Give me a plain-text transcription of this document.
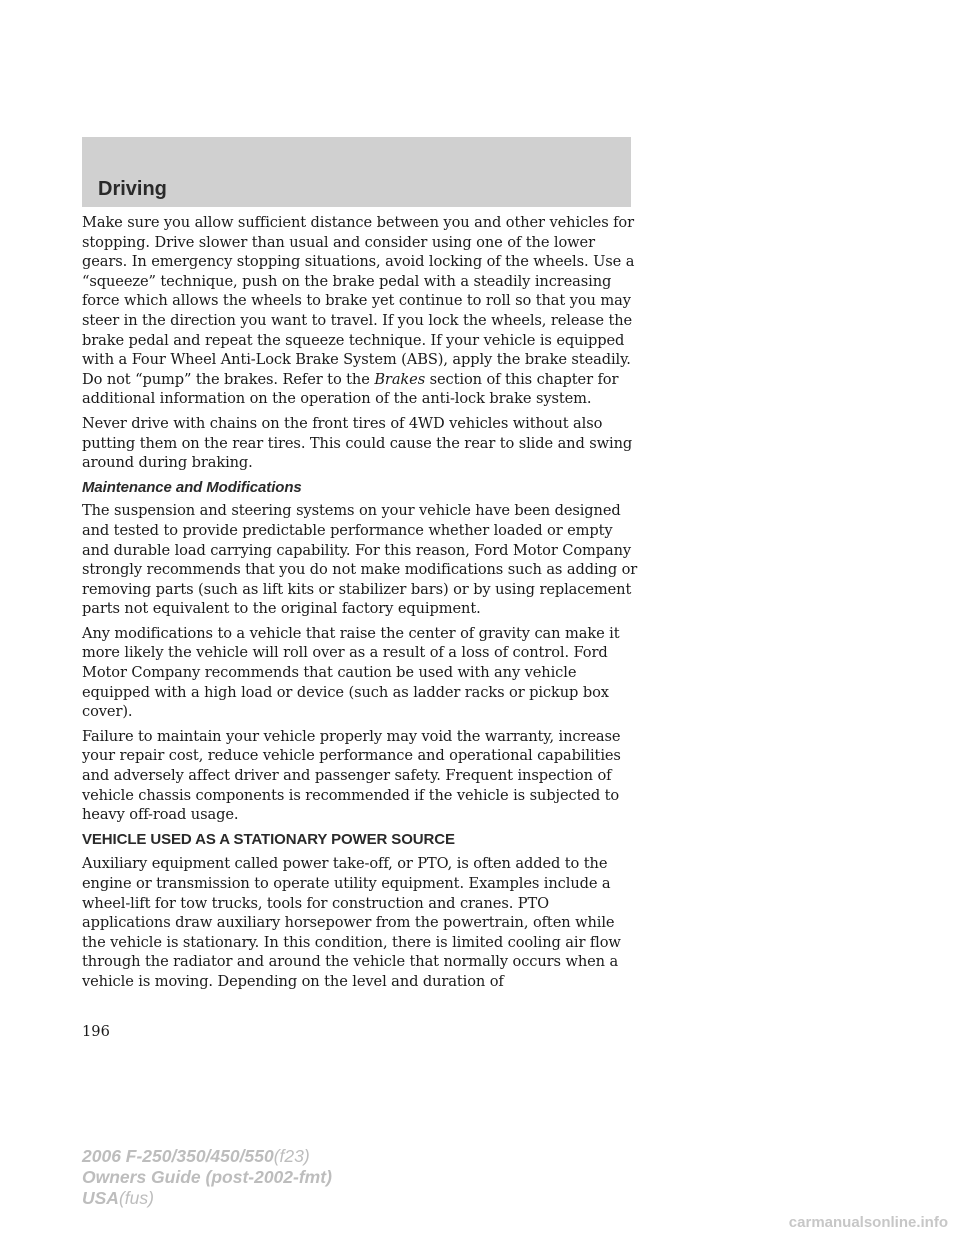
Driving

Make sure you allow sufficient distance between you and other vehicles for stopping. Drive slower than usual and consider using one of the lower gears. In emergency stopping situations, avoid locking of the wheels. Use a “squeeze” technique, push on the brake pedal with a steadily increasing force which allows the wheels to brake yet continue to roll so that you may steer in the direction you want to travel. If you lock the wheels, release the brake pedal and repeat the squeeze technique. If your vehicle is equipped with a Four Wheel Anti-Lock Brake System (ABS), apply the brake steadily. Do not “pump” the brakes. Refer to the Brakes section of this chapter for additional information on the operation of the anti-lock brake system.

Never drive with chains on the front tires of 4WD vehicles without also putting them on the rear tires. This could cause the rear to slide and swing around during braking.

Maintenance and Modifications

The suspension and steering systems on your vehicle have been designed and tested to provide predictable performance whether loaded or empty and durable load carrying capability. For this reason, Ford Motor Company strongly recommends that you do not make modifications such as adding or removing parts (such as lift kits or stabilizer bars) or by using replacement parts not equivalent to the original factory equipment.

Any modifications to a vehicle that raise the center of gravity can make it more likely the vehicle will roll over as a result of a loss of control. Ford Motor Company recommends that caution be used with any vehicle equipped with a high load or device (such as ladder racks or pickup box cover).

Failure to maintain your vehicle properly may void the warranty, increase your repair cost, reduce vehicle performance and operational capabilities and adversely affect driver and passenger safety. Frequent inspection of vehicle chassis components is recommended if the vehicle is subjected to heavy off-road usage.

VEHICLE USED AS A STATIONARY POWER SOURCE

Auxiliary equipment called power take-off, or PTO, is often added to the engine or transmission to operate utility equipment. Examples include a wheel-lift for tow trucks, tools for construction and cranes. PTO applications draw auxiliary horsepower from the powertrain, often while the vehicle is stationary. In this condition, there is limited cooling air flow through the radiator and around the vehicle that normally occurs when a vehicle is moving. Depending on the level and duration of

196
2006 F-250/350/450/550(f23)
Owners Guide (post-2002-fmt)
USA(fus)
carmanualsonline.info
